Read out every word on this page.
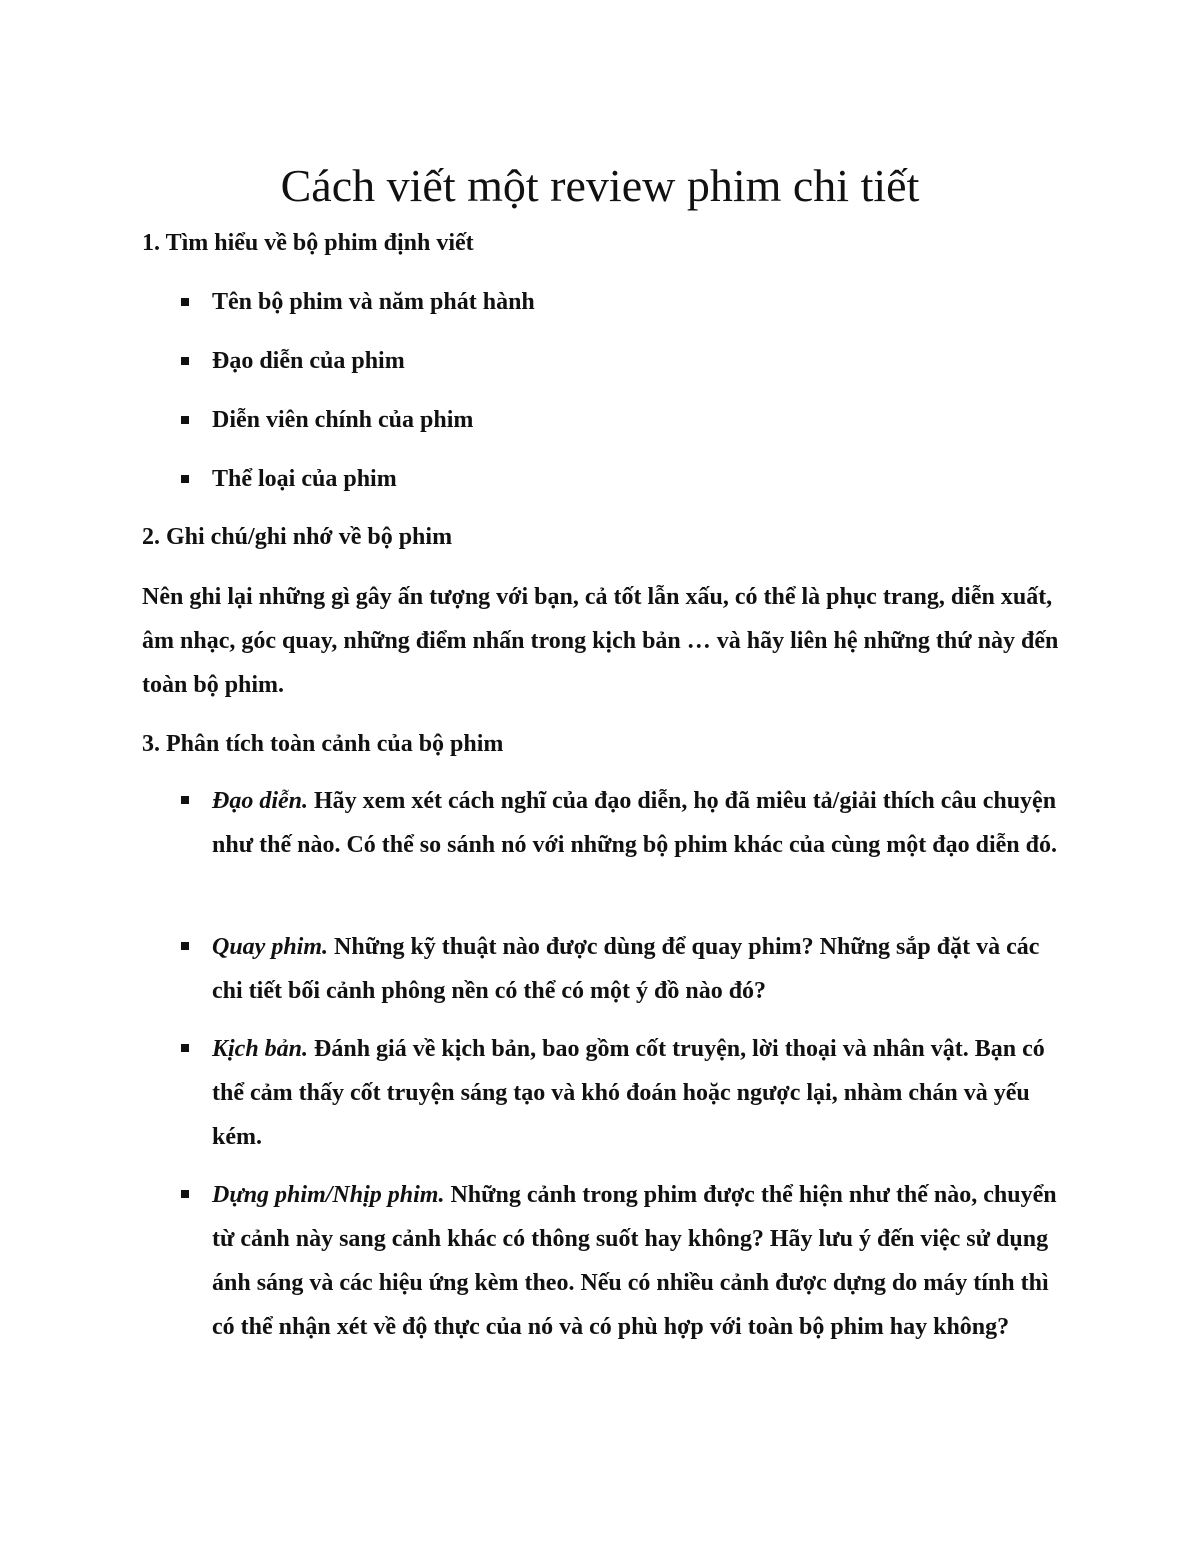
Cách viết một review phim chi tiết
1. Tìm hiểu về bộ phim định viết
Tên bộ phim và năm phát hành
Đạo diễn của phim
Diễn viên chính của phim
Thể loại của phim
2. Ghi chú/ghi nhớ về bộ phim

Nên ghi lại những gì gây ấn tượng với bạn, cả tốt lẫn xấu, có thể là phục trang, diễn xuất, âm nhạc, góc quay, những điểm nhấn trong kịch bản … và hãy liên hệ những thứ này đến toàn bộ phim.

3. Phân tích toàn cảnh của bộ phim
Đạo diễn. Hãy xem xét cách nghĩ của đạo diễn, họ đã miêu tả/giải thích câu chuyện như thế nào. Có thể so sánh nó với những bộ phim khác của cùng một đạo diễn đó.
Quay phim. Những kỹ thuật nào được dùng để quay phim? Những sắp đặt và các chi tiết bối cảnh phông nền có thể có một ý đồ nào đó?
Kịch bản. Đánh giá về kịch bản, bao gồm cốt truyện, lời thoại và nhân vật. Bạn có thể cảm thấy cốt truyện sáng tạo và khó đoán hoặc ngược lại, nhàm chán và yếu kém.
Dựng phim/Nhịp phim. Những cảnh trong phim được thể hiện như thế nào, chuyển từ cảnh này sang cảnh khác có thông suốt hay không? Hãy lưu ý đến việc sử dụng ánh sáng và các hiệu ứng kèm theo. Nếu có nhiều cảnh được dựng do máy tính thì có thể nhận xét về độ thực của nó và có phù hợp với toàn bộ phim hay không?
